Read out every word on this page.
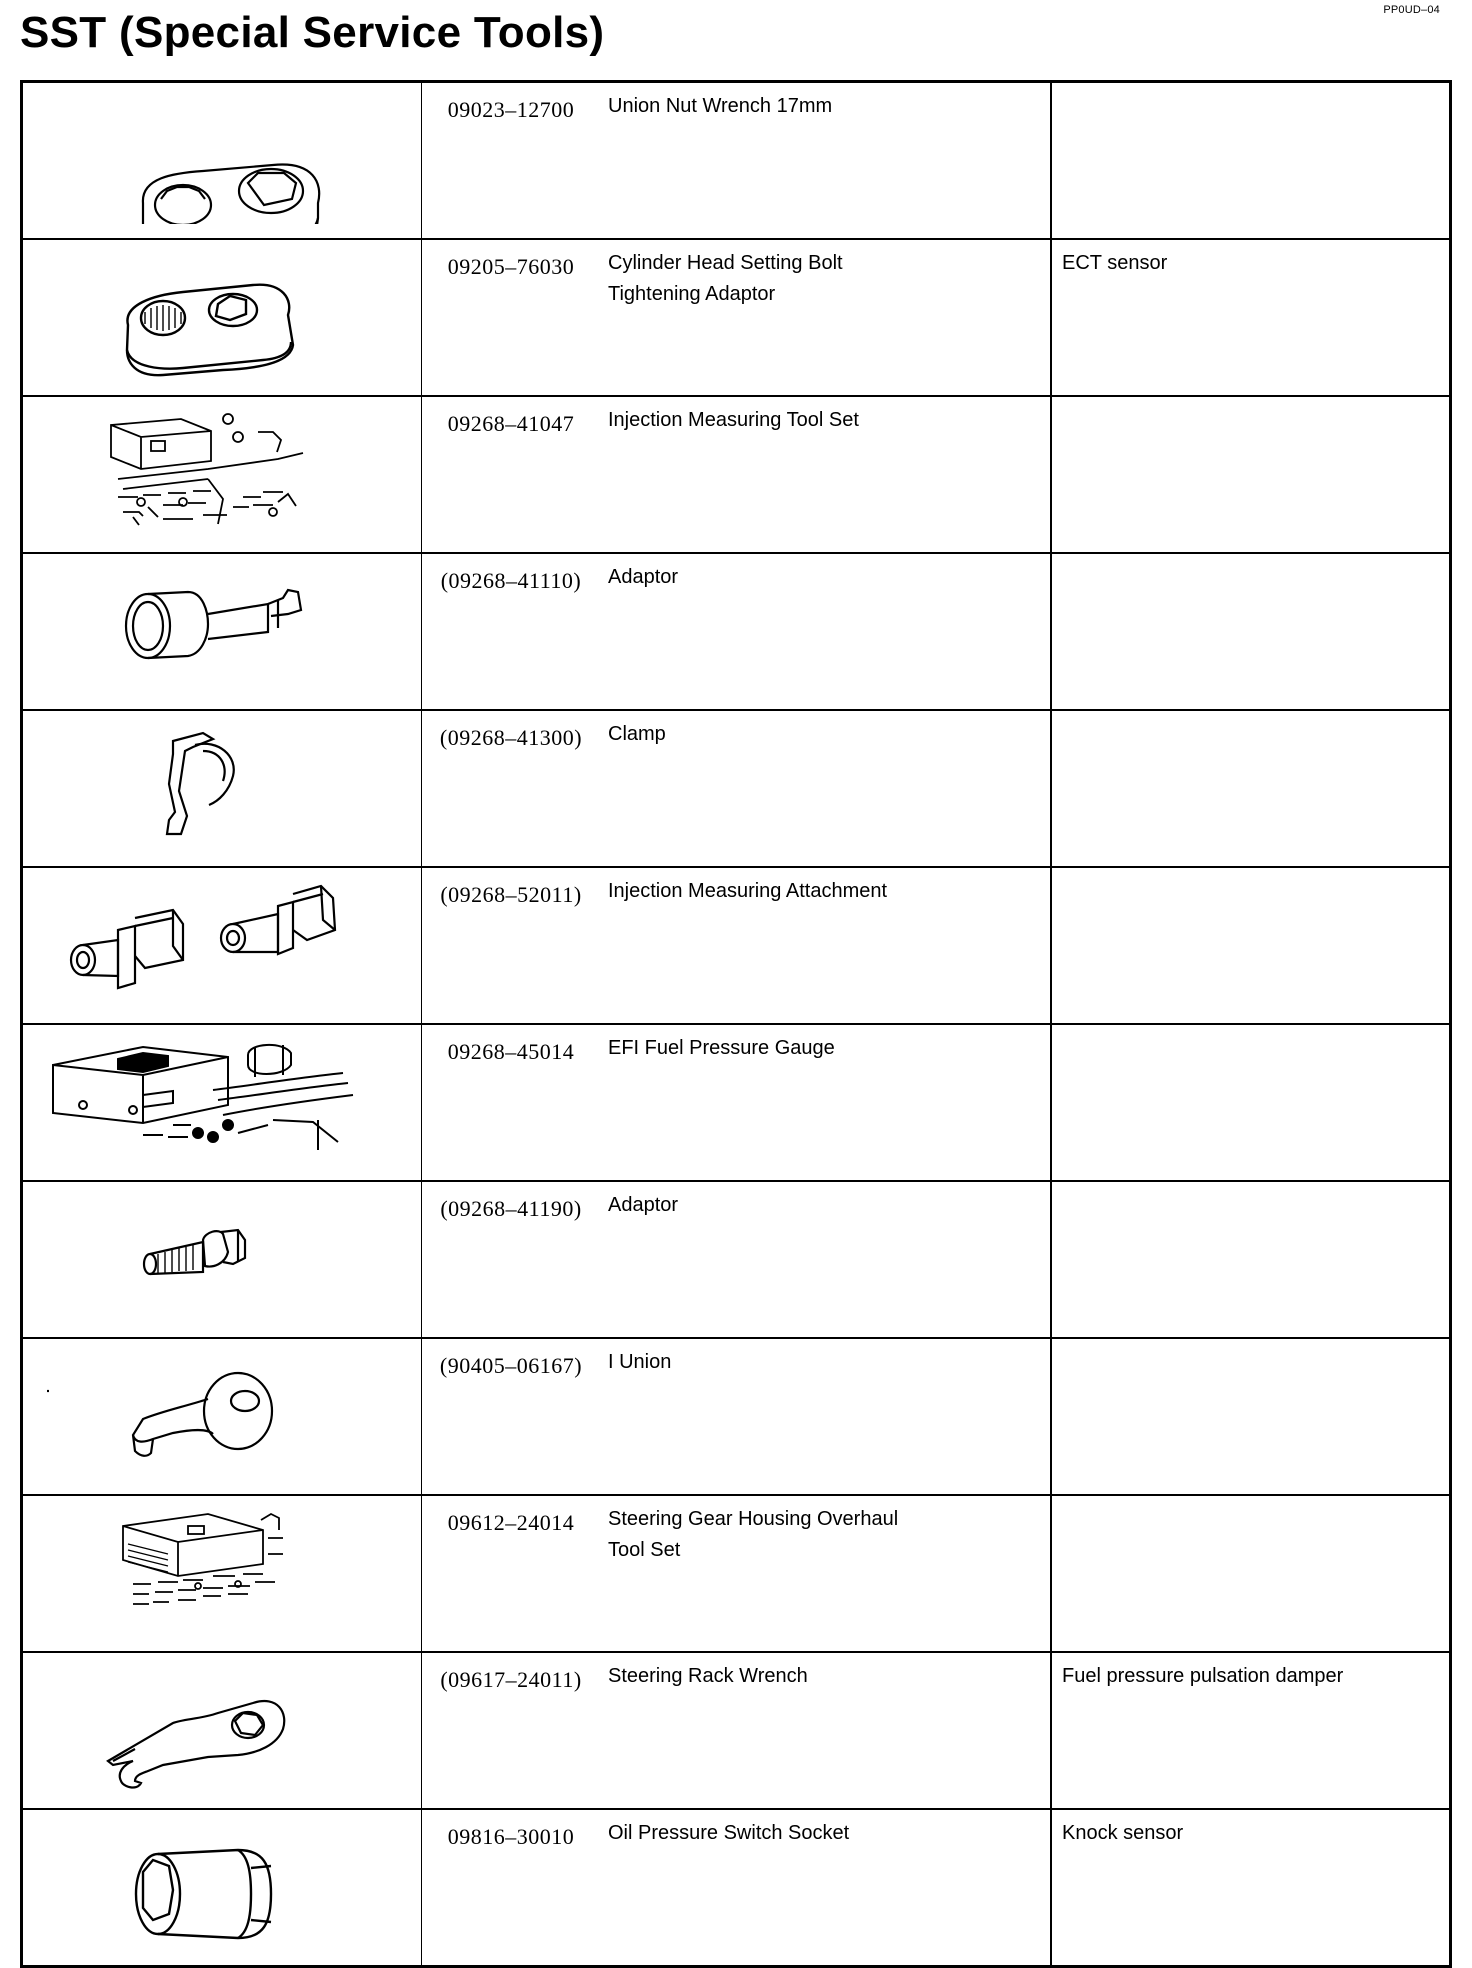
PP0UD–04
SST (Special Service Tools)
	09023–12700	Union Nut Wrench 17mm	

	09205–76030	Cylinder Head Setting Bolt
Tightening Adaptor	ECT sensor

	09268–41047	Injection Measuring Tool Set	

	(09268–41110)	Adaptor	

	(09268–41300)	Clamp	

	(09268–52011)	Injection Measuring Attachment	

	09268–45014	EFI Fuel Pressure Gauge	

	(09268–41190)	Adaptor	

	(90405–06167)	I Union	

	09612–24014	Steering Gear Housing Overhaul
Tool Set	

	(09617–24011)	Steering Rack Wrench	Fuel pressure pulsation damper

	09816–30010	Oil Pressure Switch Socket	Knock sensor
